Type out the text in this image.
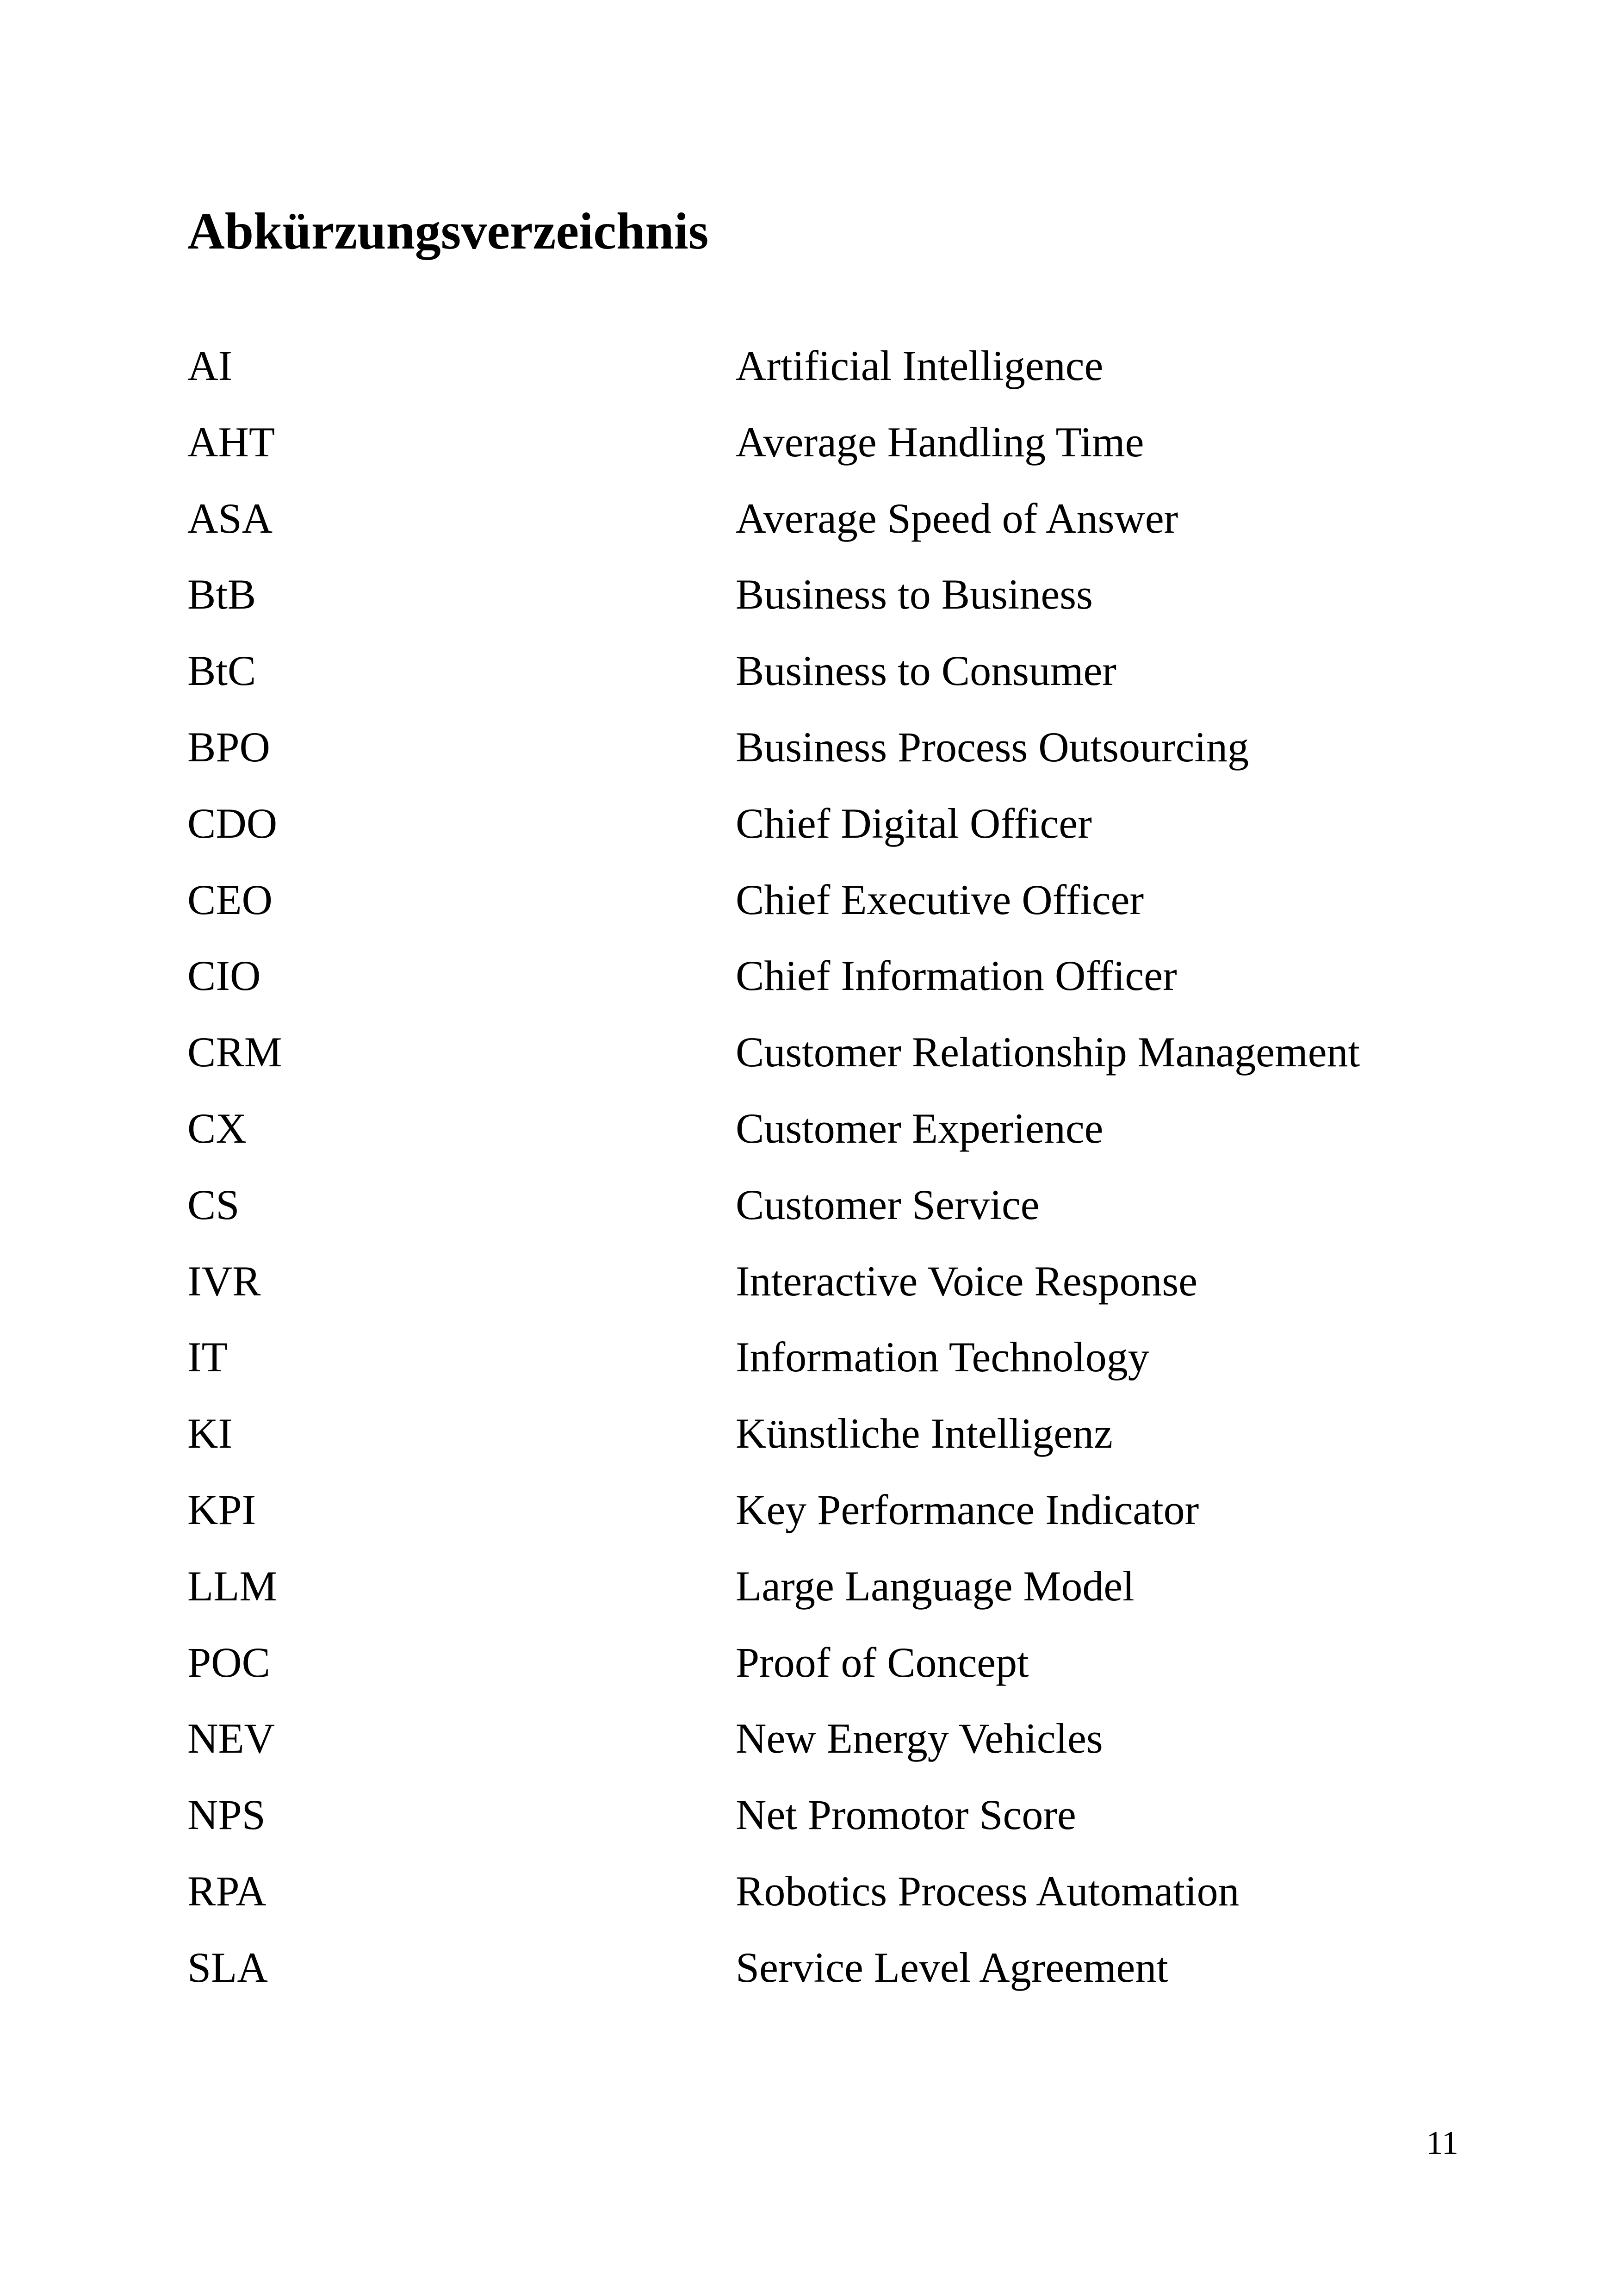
Abkürzungsverzeichnis
AI	Artificial Intelligence
AHT	Average Handling Time
ASA	Average Speed of Answer
BtB	Business to Business
BtC	Business to Consumer
BPO	Business Process Outsourcing
CDO	Chief Digital Officer
CEO	Chief Executive Officer
CIO	Chief Information Officer
CRM	Customer Relationship Management
CX	Customer Experience
CS	Customer Service
IVR	Interactive Voice Response
IT	Information Technology
KI	Künstliche Intelligenz
KPI	Key Performance Indicator
LLM	Large Language Model
POC	Proof of Concept
NEV	New Energy Vehicles
NPS	Net Promotor Score
RPA	Robotics Process Automation
SLA	Service Level Agreement
11
